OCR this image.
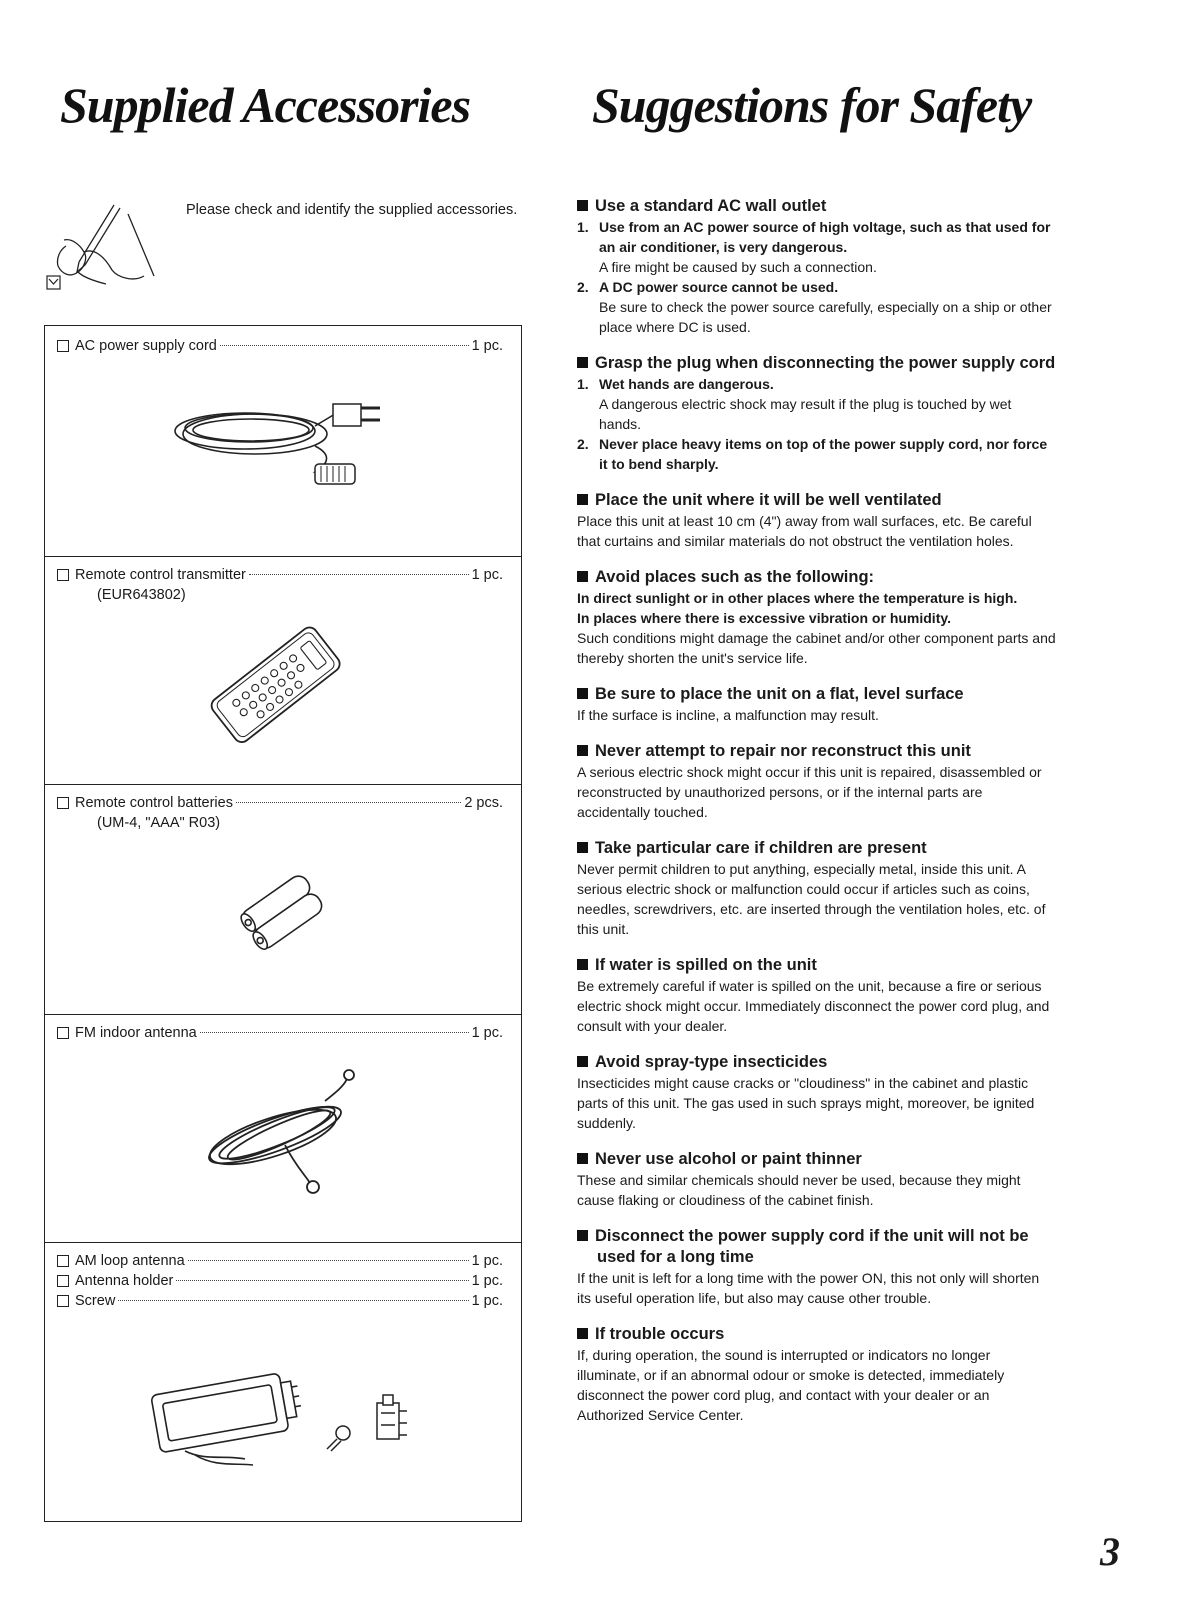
Supplied Accessories Suggestions for Safety
Please check and identify the supplied accessories.
AC power supply cord	1 pc.
Remote control transmitter	1 pc.
(EUR643802)
Remote control batteries	2 pcs.
(UM-4, "AAA" R03)
FM indoor antenna	1 pc.
AM loop antenna	1 pc.
Antenna holder	1 pc.
Screw	1 pc.
Use a standard AC wall outlet
1. Use from an AC power source of high voltage, such as that used for an air conditioner, is very dangerous.
A fire might be caused by such a connection.
2. A DC power source cannot be used.
Be sure to check the power source carefully, especially on a ship or other place where DC is used.
Grasp the plug when disconnecting the power supply cord
1. Wet hands are dangerous.
A dangerous electric shock may result if the plug is touched by wet hands.
2. Never place heavy items on top of the power supply cord, nor force it to bend sharply.
Place the unit where it will be well ventilated
Place this unit at least 10 cm (4") away from wall surfaces, etc. Be careful that curtains and similar materials do not obstruct the ventilation holes.
Avoid places such as the following:
In direct sunlight or in other places where the temperature is high.
In places where there is excessive vibration or humidity.
Such conditions might damage the cabinet and/or other component parts and thereby shorten the unit's service life.
Be sure to place the unit on a flat, level surface
If the surface is incline, a malfunction may result.
Never attempt to repair nor reconstruct this unit
A serious electric shock might occur if this unit is repaired, disassembled or reconstructed by unauthorized persons, or if the internal parts are accidentally touched.
Take particular care if children are present
Never permit children to put anything, especially metal, inside this unit. A serious electric shock or malfunction could occur if articles such as coins, needles, screwdrivers, etc. are inserted through the ventilation holes, etc. of this unit.
If water is spilled on the unit
Be extremely careful if water is spilled on the unit, because a fire or serious electric shock might occur. Immediately disconnect the power cord plug, and consult with your dealer.
Avoid spray-type insecticides
Insecticides might cause cracks or "cloudiness" in the cabinet and plastic parts of this unit. The gas used in such sprays might, moreover, be ignited suddenly.
Never use alcohol or paint thinner
These and similar chemicals should never be used, because they might cause flaking or cloudiness of the cabinet finish.
Disconnect the power supply cord if the unit will not be used for a long time
If the unit is left for a long time with the power ON, this not only will shorten its useful operation life, but also may cause other trouble.
If trouble occurs
If, during operation, the sound is interrupted or indicators no longer illuminate, or if an abnormal odour or smoke is detected, immediately disconnect the power cord plug, and contact with your dealer or an Authorized Service Center.
3
